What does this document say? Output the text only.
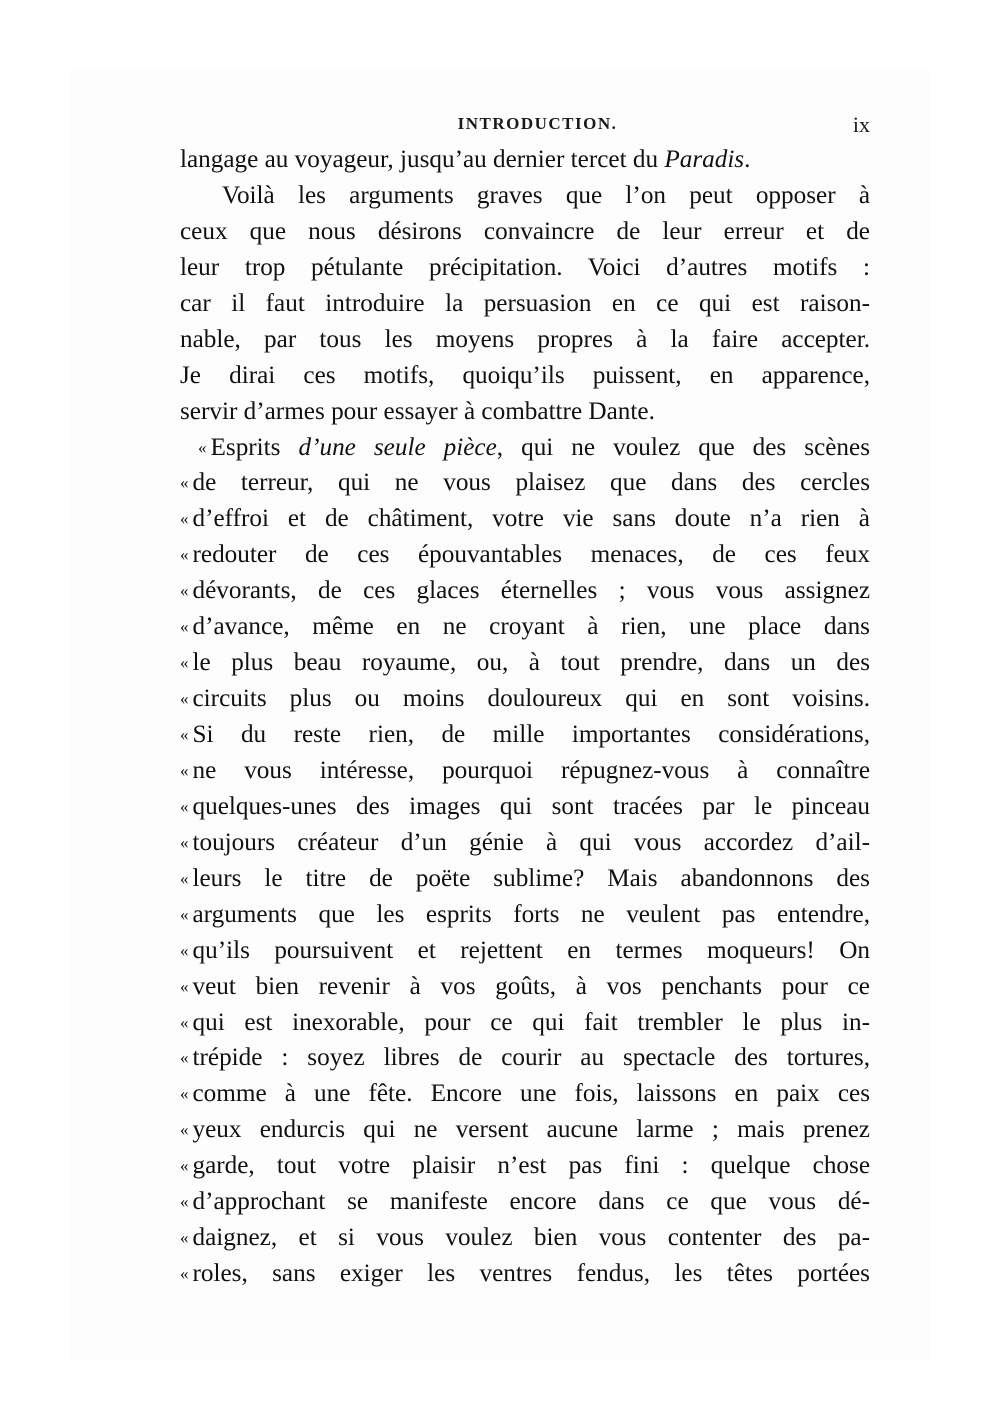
INTRODUCTION.	ix
langage au voyageur, jusqu’au dernier tercet du Paradis.
Voilà les arguments graves que l’on peut opposer à
ceux que nous désirons convaincre de leur erreur et de
leur trop pétulante précipitation. Voici d’autres motifs :
car il faut introduire la persuasion en ce qui est raison-
nable, par tous les moyens propres à la faire accepter.
Je dirai ces motifs, quoiqu’ils puissent, en apparence,
servir d’armes pour essayer à combattre Dante.
« Esprits d’une seule pièce, qui ne voulez que des scènes
« de terreur, qui ne vous plaisez que dans des cercles
« d’effroi et de châtiment, votre vie sans doute n’a rien à
« redouter de ces épouvantables menaces, de ces feux
« dévorants, de ces glaces éternelles ; vous vous assignez
« d’avance, même en ne croyant à rien, une place dans
« le plus beau royaume, ou, à tout prendre, dans un des
« circuits plus ou moins douloureux qui en sont voisins.
« Si du reste rien, de mille importantes considérations,
« ne vous intéresse, pourquoi répugnez-vous à connaître
« quelques-unes des images qui sont tracées par le pinceau
« toujours créateur d’un génie à qui vous accordez d’ail-
« leurs le titre de poëte sublime? Mais abandonnons des
« arguments que les esprits forts ne veulent pas entendre,
« qu’ils poursuivent et rejettent en termes moqueurs! On
« veut bien revenir à vos goûts, à vos penchants pour ce
« qui est inexorable, pour ce qui fait trembler le plus in-
« trépide : soyez libres de courir au spectacle des tortures,
« comme à une fête. Encore une fois, laissons en paix ces
« yeux endurcis qui ne versent aucune larme ; mais prenez
« garde, tout votre plaisir n’est pas fini : quelque chose
« d’approchant se manifeste encore dans ce que vous dé-
« daignez, et si vous voulez bien vous contenter des pa-
« roles, sans exiger les ventres fendus, les têtes portées
